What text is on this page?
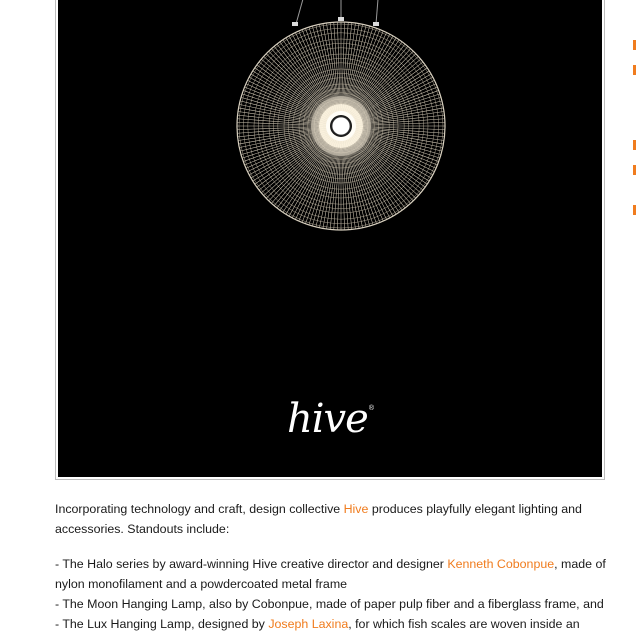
hive®

Incorporating technology and craft, design collective Hive produces playfully elegant lighting and accessories. Standouts include:

- The Halo series by award-winning Hive creative director and designer Kenneth Cobonpue, made of nylon monofilament and a powdercoated metal frame

- The Moon Hanging Lamp, also by Cobonpue, made of paper pulp fiber and a fiberglass frame, and

- The Lux Hanging Lamp, designed by Joseph Laxina, for which fish scales are woven inside an
